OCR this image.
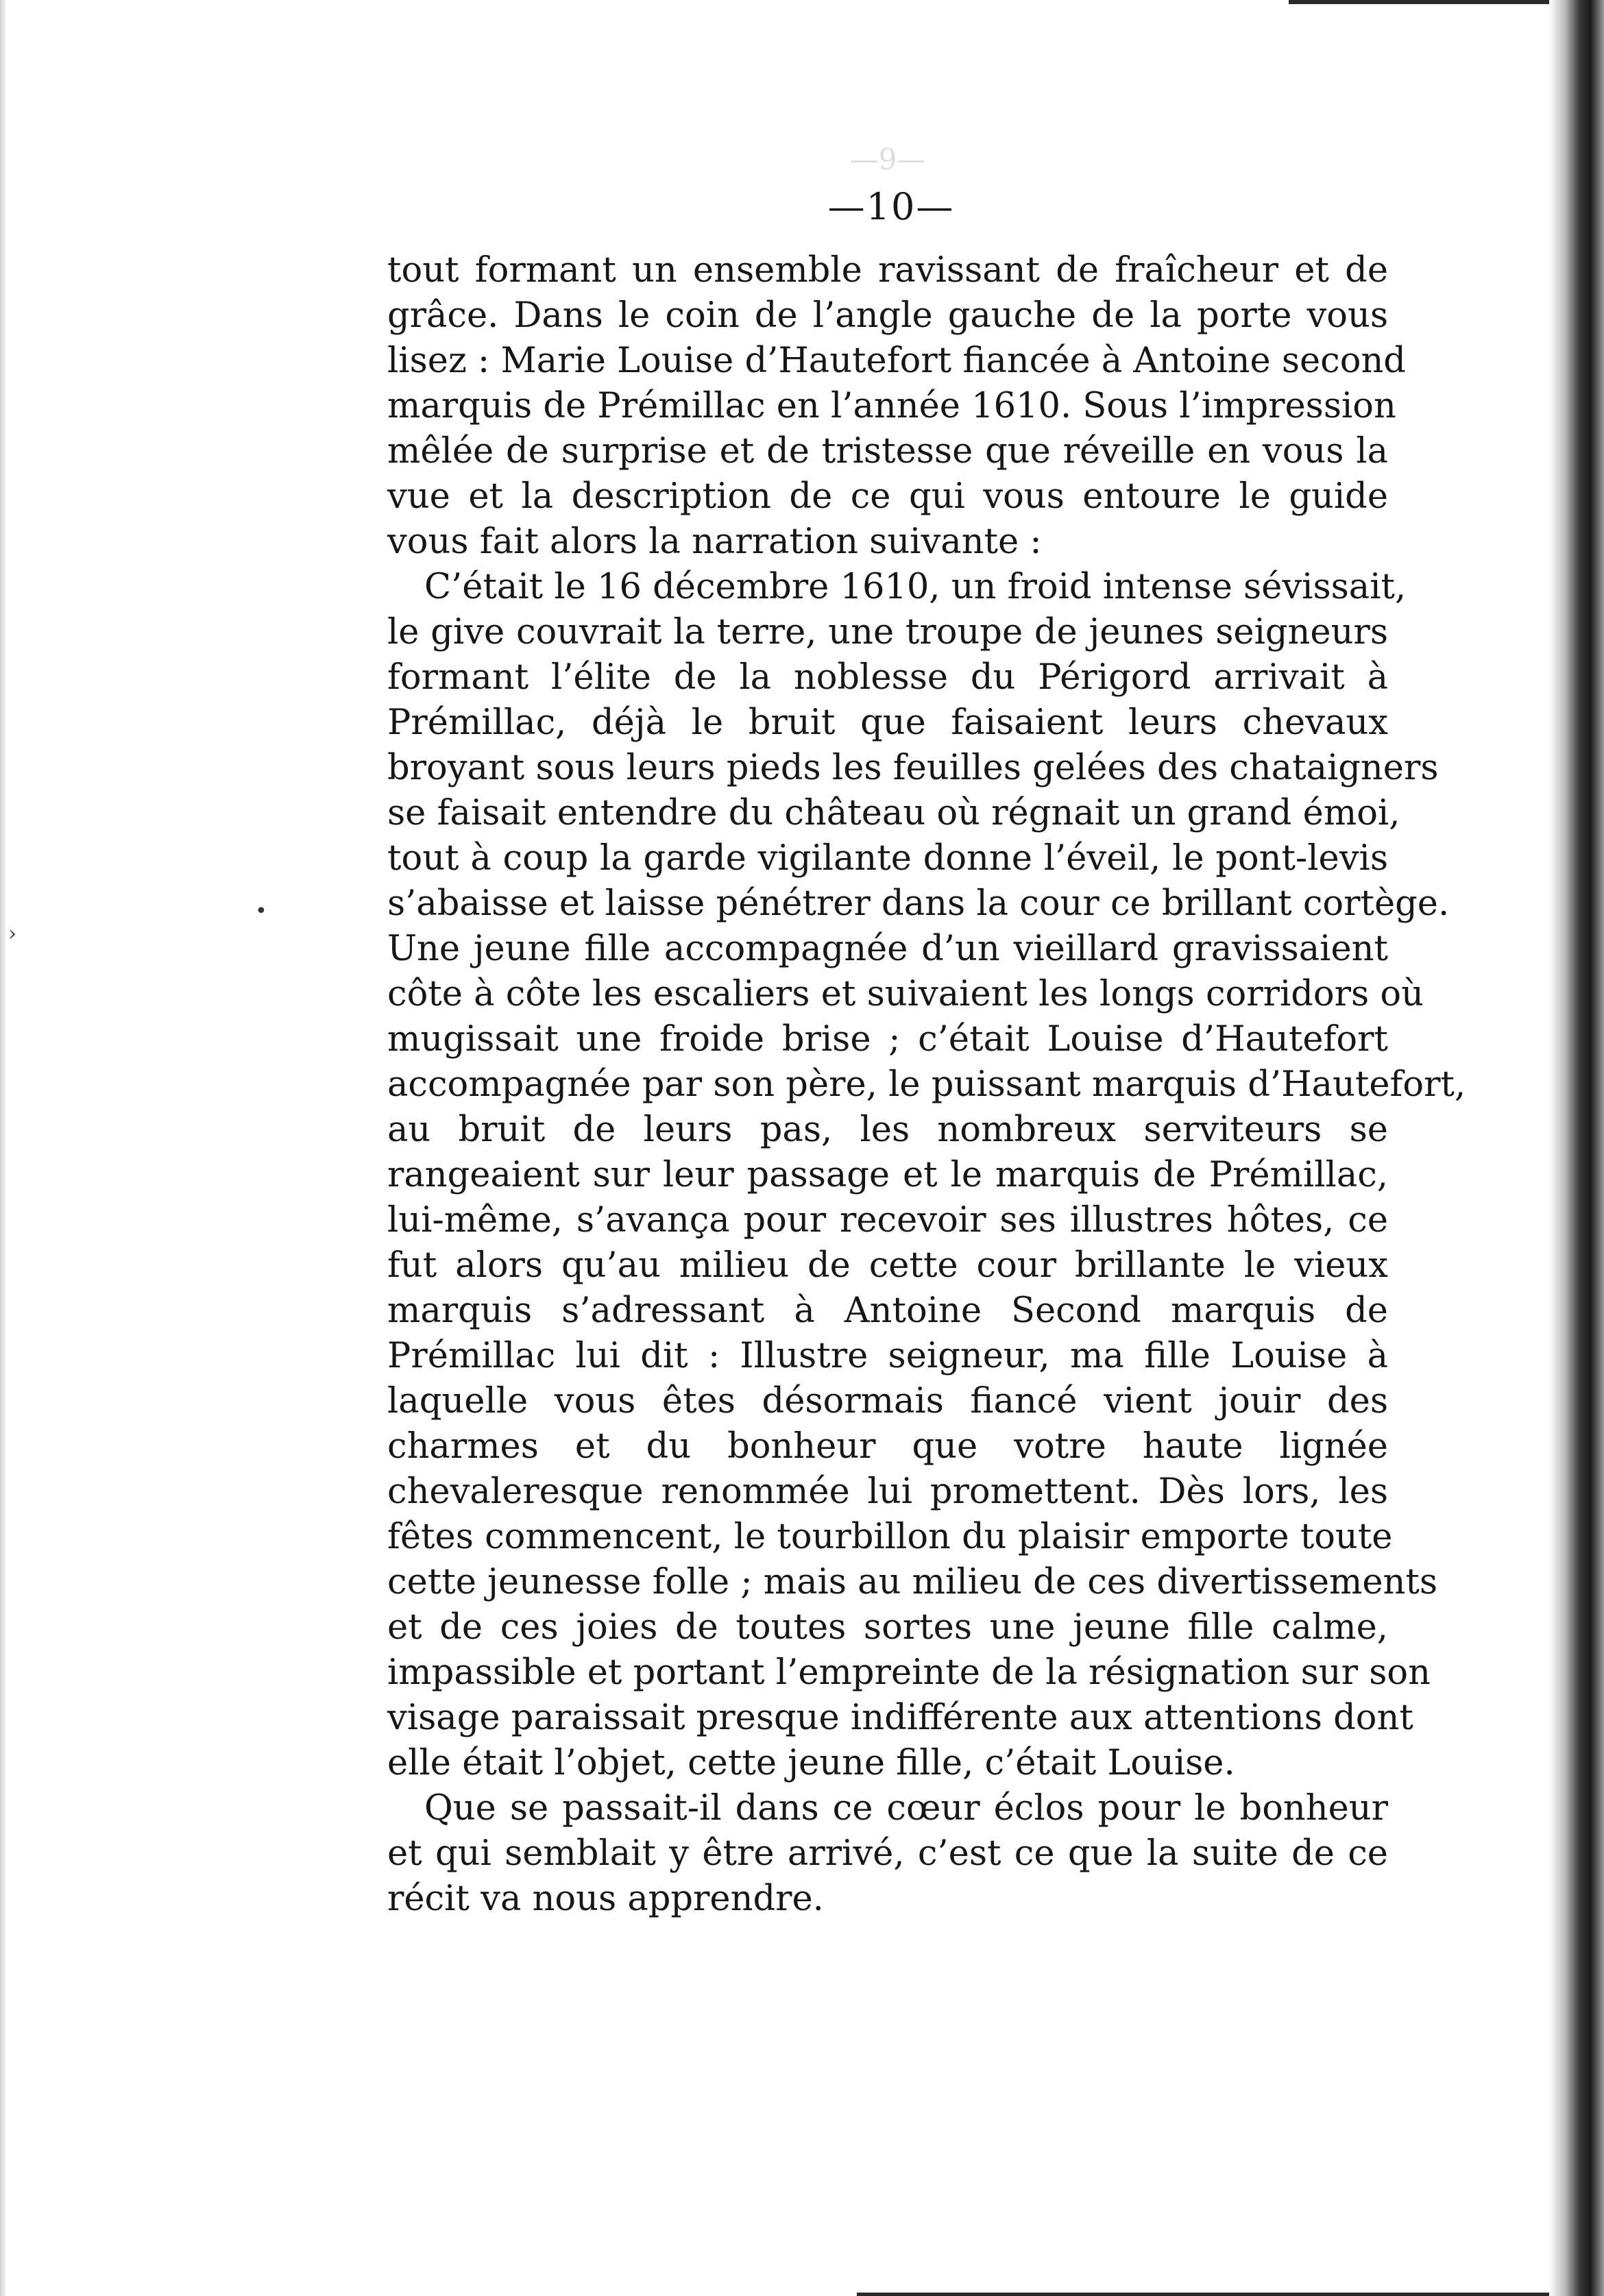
—9—
—10—
›
•
tout formant un ensemble ravissant de fraîcheur et de
grâce. Dans le coin de l’angle gauche de la porte vous
lisez : Marie Louise d’Hautefort fiancée à Antoine second
marquis de Prémillac en l’année 1610. Sous l’impression
mêlée de surprise et de tristesse que réveille en vous la
vue et la description de ce qui vous entoure le guide
vous fait alors la narration suivante :
C’était le 16 décembre 1610, un froid intense sévissait,
le give couvrait la terre, une troupe de jeunes seigneurs
formant l’élite de la noblesse du Périgord arrivait à
Prémillac, déjà le bruit que faisaient leurs chevaux
broyant sous leurs pieds les feuilles gelées des chataigners
se faisait entendre du château où régnait un grand émoi,
tout à coup la garde vigilante donne l’éveil, le pont-levis
s’abaisse et laisse pénétrer dans la cour ce brillant cortège.
Une jeune fille accompagnée d’un vieillard gravissaient
côte à côte les escaliers et suivaient les longs corridors où
mugissait une froide brise ; c’était Louise d’Hautefort
accompagnée par son père, le puissant marquis d’Hautefort,
au bruit de leurs pas, les nombreux serviteurs se
rangeaient sur leur passage et le marquis de Prémillac,
lui-même, s’avança pour recevoir ses illustres hôtes, ce
fut alors qu’au milieu de cette cour brillante le vieux
marquis s’adressant à Antoine Second marquis de
Prémillac lui dit : Illustre seigneur, ma fille Louise à
laquelle vous êtes désormais fiancé vient jouir des
charmes et du bonheur que votre haute lignée
chevaleresque renommée lui promettent. Dès lors, les
fêtes commencent, le tourbillon du plaisir emporte toute
cette jeunesse folle ; mais au milieu de ces divertissements
et de ces joies de toutes sortes une jeune fille calme,
impassible et portant l’empreinte de la résignation sur son
visage paraissait presque indifférente aux attentions dont
elle était l’objet, cette jeune fille, c’était Louise.
Que se passait-il dans ce cœur éclos pour le bonheur
et qui semblait y être arrivé, c’est ce que la suite de ce
récit va nous apprendre.
